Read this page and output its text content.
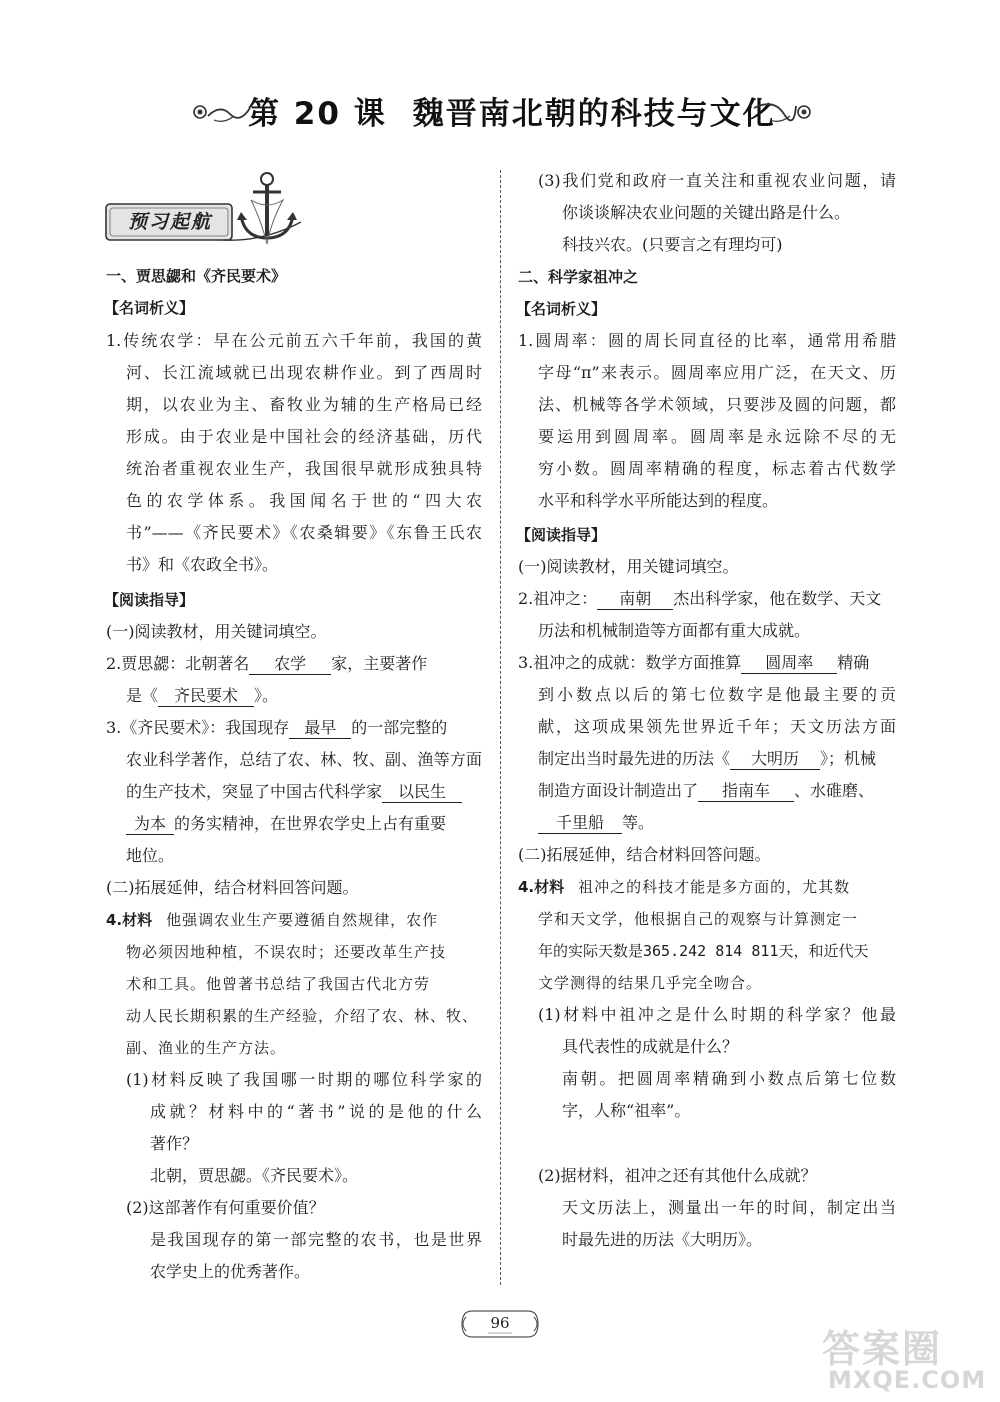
第 20 课 魏晋南北朝的科技与文化
预习起航
一、贾思勰和《齐民要术》
【名词析义】
1.传统农学：早在公元前五六千年前，我国的黄
河、长江流域就已出现农耕作业。到了西周时
期，以农业为主、畜牧业为辅的生产格局已经
形成。由于农业是中国社会的经济基础，历代
统治者重视农业生产，我国很早就形成独具特
色的农学体系。我国闻名于世的“四大农
书”——《齐民要术》《农桑辑要》《东鲁王氏农
书》和《农政全书》。
【阅读指导】
(一)阅读教材，用关键词填空。
2.贾思勰：北朝著名 农学 家，主要著作
是《 齐民要术 》。
3.《齐民要术》：我国现存 最早 的一部完整的
农业科学著作，总结了农、林、牧、副、渔等方面
的生产技术，突显了中国古代科学家 以民生
为本 的务实精神，在世界农学史上占有重要
地位。
(二)拓展延伸，结合材料回答问题。
4.材料 他强调农业生产要遵循自然规律，农作
物必须因地种植，不误农时；还要改革生产技
术和工具。他曾著书总结了我国古代北方劳
动人民长期积累的生产经验，介绍了农、林、牧、
副、渔业的生产方法。
(1)材料反映了我国哪一时期的哪位科学家的
成就？材料中的“著书”说的是他的什么
著作？
北朝，贾思勰。《齐民要术》。
(2)这部著作有何重要价值？
是我国现存的第一部完整的农书，也是世界
农学史上的优秀著作。
(3)我们党和政府一直关注和重视农业问题，请
你谈谈解决农业问题的关键出路是什么。
科技兴农。(只要言之有理均可)
二、科学家祖冲之
【名词析义】
1.圆周率：圆的周长同直径的比率，通常用希腊
字母“π”来表示。圆周率应用广泛，在天文、历
法、机械等各学术领域，只要涉及圆的问题，都
要运用到圆周率。圆周率是永远除不尽的无
穷小数。圆周率精确的程度，标志着古代数学
水平和科学水平所能达到的程度。
【阅读指导】
(一)阅读教材，用关键词填空。
2.祖冲之： 南朝 杰出科学家，他在数学、天文
历法和机械制造等方面都有重大成就。
3.祖冲之的成就：数学方面推算 圆周率 精确
到小数点以后的第七位数字是他最主要的贡
献，这项成果领先世界近千年；天文历法方面
制定出当时最先进的历法《 大明历 》；机械
制造方面设计制造出了 指南车 、水碓磨、
千里船 等。
(二)拓展延伸，结合材料回答问题。
4.材料 祖冲之的科技才能是多方面的，尤其数
学和天文学，他根据自己的观察与计算测定一
年的实际天数是365.242 814 811天，和近代天
文学测得的结果几乎完全吻合。
(1)材料中祖冲之是什么时期的科学家？他最
具代表性的成就是什么？
南朝。把圆周率精确到小数点后第七位数
字，人称“祖率”。
(2)据材料，祖冲之还有其他什么成就？
天文历法上，测量出一年的时间，制定出当
时最先进的历法《大明历》。
96
答案圈
MXQE.COM
